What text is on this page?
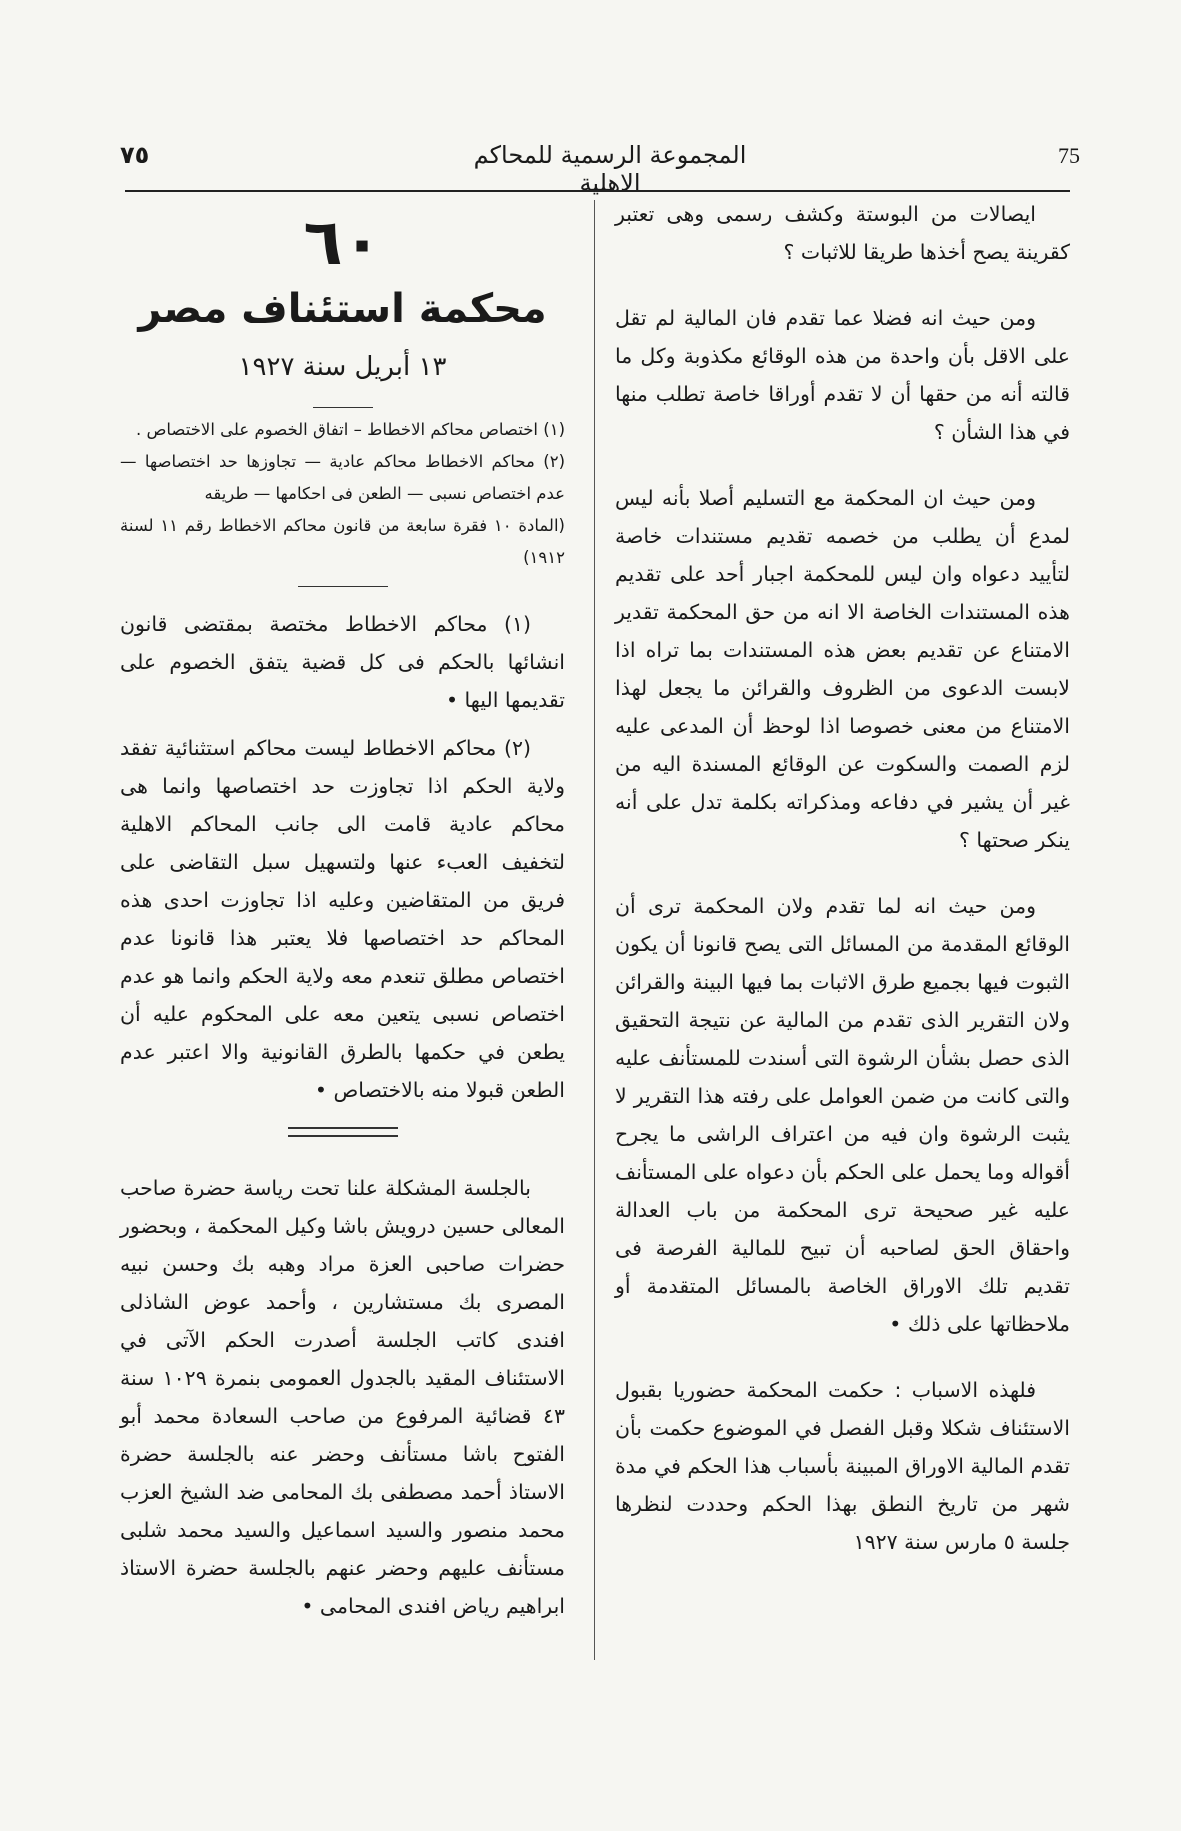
٧٥	المجموعة الرسمية للمحاكم الاهلية
75

ايصالات من البوستة وكشف رسمى وهى تعتبر كقرينة يصح أخذها طريقا للاثبات ؟

ومن حيث انه فضلا عما تقدم فان المالية لم تقل على الاقل بأن واحدة من هذه الوقائع مكذوبة وكل ما قالته أنه من حقها أن لا تقدم أوراقا خاصة تطلب منها في هذا الشأن ؟

ومن حيث ان المحكمة مع التسليم أصلا بأنه ليس لمدع أن يطلب من خصمه تقديم مستندات خاصة لتأييد دعواه وان ليس للمحكمة اجبار أحد على تقديم هذه المستندات الخاصة الا انه من حق المحكمة تقدير الامتناع عن تقديم بعض هذه المستندات بما تراه اذا لابست الدعوى من الظروف والقرائن ما يجعل لهذا الامتناع من معنى خصوصا اذا لوحظ أن المدعى عليه لزم الصمت والسكوت عن الوقائع المسندة اليه من غير أن يشير في دفاعه ومذكراته بكلمة تدل على أنه ينكر صحتها ؟

ومن حيث انه لما تقدم ولان المحكمة ترى أن الوقائع المقدمة من المسائل التى يصح قانونا أن يكون الثبوت فيها بجميع طرق الاثبات بما فيها البينة والقرائن ولان التقرير الذى تقدم من المالية عن نتيجة التحقيق الذى حصل بشأن الرشوة التى أسندت للمستأنف عليه والتى كانت من ضمن العوامل على رفته هذا التقرير لا يثبت الرشوة وان فيه من اعتراف الراشى ما يجرح أقواله وما يحمل على الحكم بأن دعواه على المستأنف عليه غير صحيحة ترى المحكمة من باب العدالة واحقاق الحق لصاحبه أن تبيح للمالية الفرصة فى تقديم تلك الاوراق الخاصة بالمسائل المتقدمة أو ملاحظاتها على ذلك •

فلهذه الاسباب : حكمت المحكمة حضوريا بقبول الاستئناف شكلا وقبل الفصل في الموضوع حكمت بأن تقدم المالية الاوراق المبينة بأسباب هذا الحكم في مدة شهر من تاريخ النطق بهذا الحكم وحددت لنظرها جلسة ٥ مارس سنة ١٩٢٧

٦٠
محكمة استئناف مصر
١٣ أبريل سنة ١٩٢٧
(١) اختصاص محاكم الاخطاط – اتفاق الخصوم على الاختصاص .
(٢) محاكم الاخطاط محاكم عادية — تجاوزها حد اختصاصها — عدم اختصاص نسبى — الطعن فى احكامها — طريقه
(المادة ١٠ فقرة سابعة من قانون محاكم الاخطاط رقم ١١ لسنة ١٩١٢)

(١) محاكم الاخطاط مختصة بمقتضى قانون انشائها بالحكم فى كل قضية يتفق الخصوم على تقديمها اليها •

(٢) محاكم الاخطاط ليست محاكم استثنائية تفقد ولاية الحكم اذا تجاوزت حد اختصاصها وانما هى محاكم عادية قامت الى جانب المحاكم الاهلية لتخفيف العبء عنها ولتسهيل سبل التقاضى على فريق من المتقاضين وعليه اذا تجاوزت احدى هذه المحاكم حد اختصاصها فلا يعتبر هذا قانونا عدم اختصاص مطلق تنعدم معه ولاية الحكم وانما هو عدم اختصاص نسبى يتعين معه على المحكوم عليه أن يطعن في حكمها بالطرق القانونية والا اعتبر عدم الطعن قبولا منه بالاختصاص •

بالجلسة المشكلة علنا تحت رياسة حضرة صاحب المعالى حسين درويش باشا وكيل المحكمة ، وبحضور حضرات صاحبى العزة مراد وهبه بك وحسن نبيه المصرى بك مستشارين ، وأحمد عوض الشاذلى افندى كاتب الجلسة أصدرت الحكم الآتى في الاستئناف المقيد بالجدول العمومى بنمرة ١٠٢٩ سنة ٤٣ قضائية المرفوع من صاحب السعادة محمد أبو الفتوح باشا مستأنف وحضر عنه بالجلسة حضرة الاستاذ أحمد مصطفى بك المحامى ضد الشيخ العزب محمد منصور والسيد اسماعيل والسيد محمد شلبى مستأنف عليهم وحضر عنهم بالجلسة حضرة الاستاذ ابراهيم رياض افندى المحامى •
